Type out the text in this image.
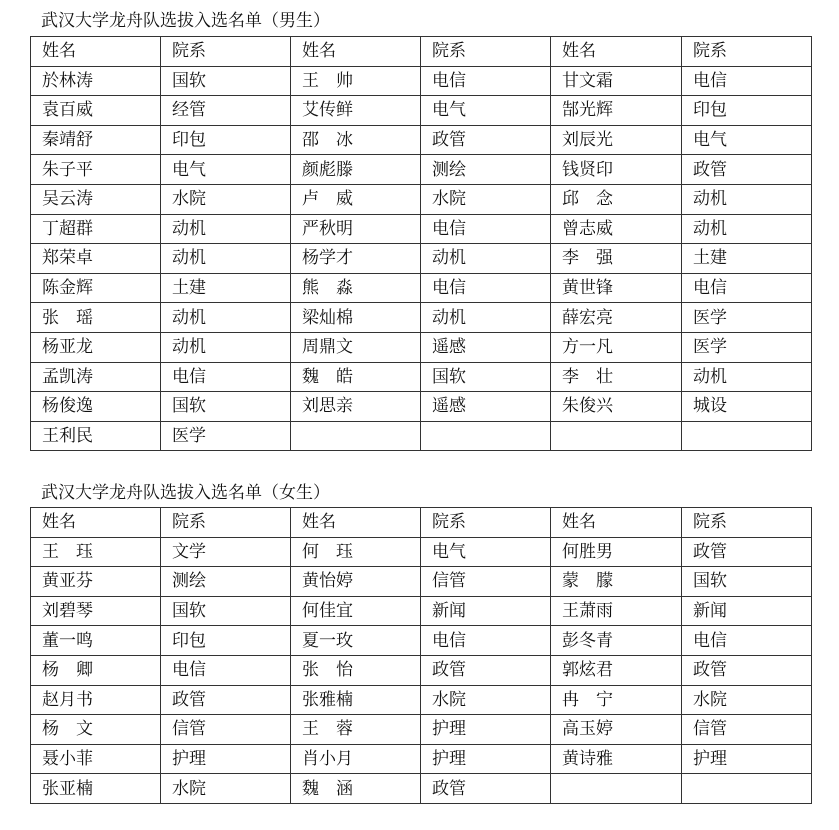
武汉大学龙舟队选拔入选名单（男生）
姓名	院系	姓名	院系	姓名	院系
於林涛	国软	王　帅	电信	甘文霜	电信
袁百威	经管	艾传鲜	电气	郜光辉	印包
秦靖舒	印包	邵　冰	政管	刘辰光	电气
朱子平	电气	颜彪滕	测绘	钱贤印	政管
吴云涛	水院	卢　威	水院	邱　念	动机
丁超群	动机	严秋明	电信	曾志威	动机
郑荣卓	动机	杨学才	动机	李　强	土建
陈金辉	土建	熊　淼	电信	黄世锋	电信
张　瑶	动机	梁灿棉	动机	薛宏亮	医学
杨亚龙	动机	周鼎文	遥感	方一凡	医学
孟凯涛	电信	魏　皓	国软	李　壮	动机
杨俊逸	国软	刘思亲	遥感	朱俊兴	城设
王利民	医学				
武汉大学龙舟队选拔入选名单（女生）
姓名	院系	姓名	院系	姓名	院系
王　珏	文学	何　珏	电气	何胜男	政管
黄亚芬	测绘	黄怡婷	信管	蒙　朦	国软
刘碧琴	国软	何佳宜	新闻	王萧雨	新闻
董一鸣	印包	夏一玫	电信	彭冬青	电信
杨　卿	电信	张　怡	政管	郭炫君	政管
赵月书	政管	张雅楠	水院	冉　宁	水院
杨　文	信管	王　蓉	护理	高玉婷	信管
聂小菲	护理	肖小月	护理	黄诗雅	护理
张亚楠	水院	魏　涵	政管		
